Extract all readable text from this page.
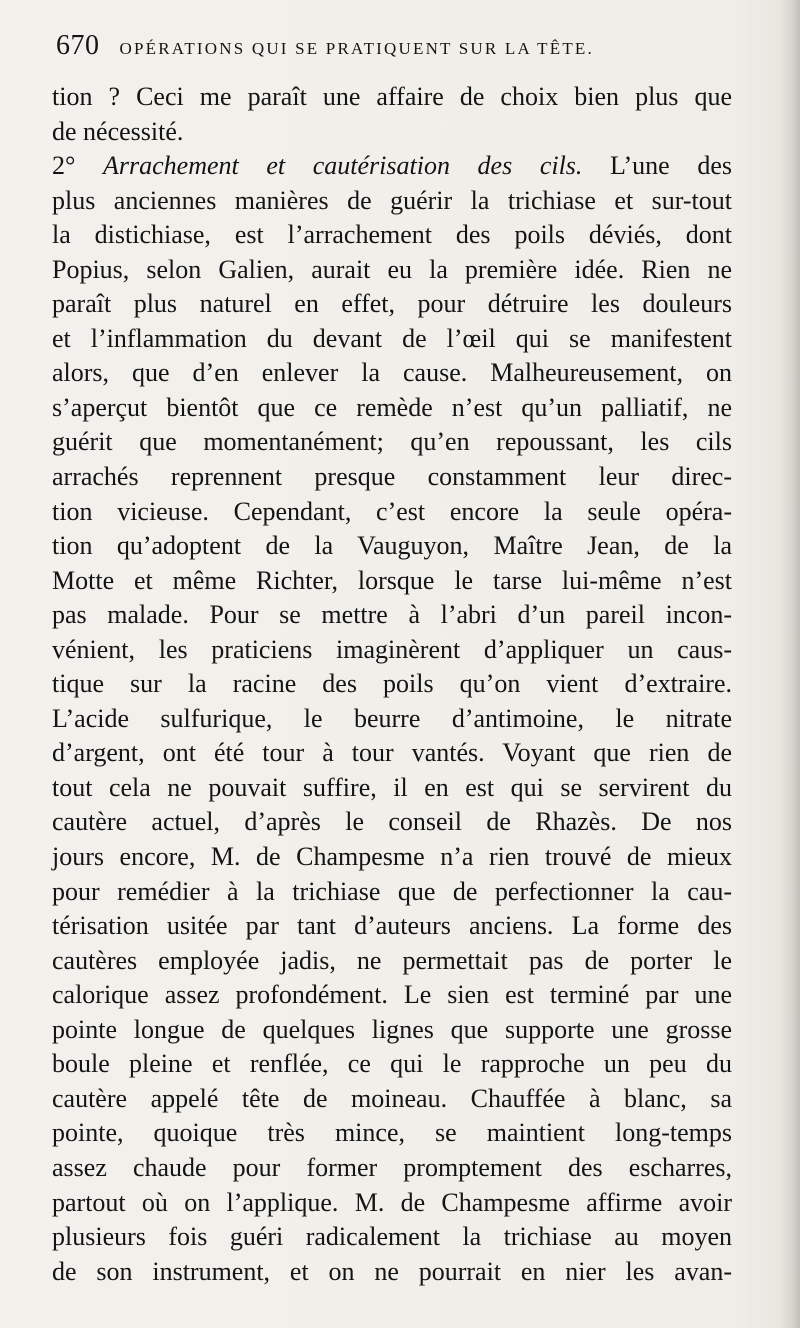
670 OPÉRATIONS QUI SE PRATIQUENT SUR LA TÊTE.
tion ? Ceci me paraît une affaire de choix bien plus que
de nécessité.
2° Arrachement et cautérisation des cils. L’une des
plus anciennes manières de guérir la trichiase et sur-tout
la distichiase, est l’arrachement des poils déviés, dont
Popius, selon Galien, aurait eu la première idée. Rien ne
paraît plus naturel en effet, pour détruire les douleurs
et l’inflammation du devant de l’œil qui se manifestent
alors, que d’en enlever la cause. Malheureusement, on
s’aperçut bientôt que ce remède n’est qu’un palliatif, ne
guérit que momentanément; qu’en repoussant, les cils
arrachés reprennent presque constamment leur direc-
tion vicieuse. Cependant, c’est encore la seule opéra-
tion qu’adoptent de la Vauguyon, Maître Jean, de la
Motte et même Richter, lorsque le tarse lui-même n’est
pas malade. Pour se mettre à l’abri d’un pareil incon-
vénient, les praticiens imaginèrent d’appliquer un caus-
tique sur la racine des poils qu’on vient d’extraire.
L’acide sulfurique, le beurre d’antimoine, le nitrate
d’argent, ont été tour à tour vantés. Voyant que rien de
tout cela ne pouvait suffire, il en est qui se servirent du
cautère actuel, d’après le conseil de Rhazès. De nos
jours encore, M. de Champesme n’a rien trouvé de mieux
pour remédier à la trichiase que de perfectionner la cau-
térisation usitée par tant d’auteurs anciens. La forme des
cautères employée jadis, ne permettait pas de porter le
calorique assez profondément. Le sien est terminé par une
pointe longue de quelques lignes que supporte une grosse
boule pleine et renflée, ce qui le rapproche un peu du
cautère appelé tête de moineau. Chauffée à blanc, sa
pointe, quoique très mince, se maintient long-temps
assez chaude pour former promptement des escharres,
partout où on l’applique. M. de Champesme affirme avoir
plusieurs fois guéri radicalement la trichiase au moyen
de son instrument, et on ne pourrait en nier les avan-
